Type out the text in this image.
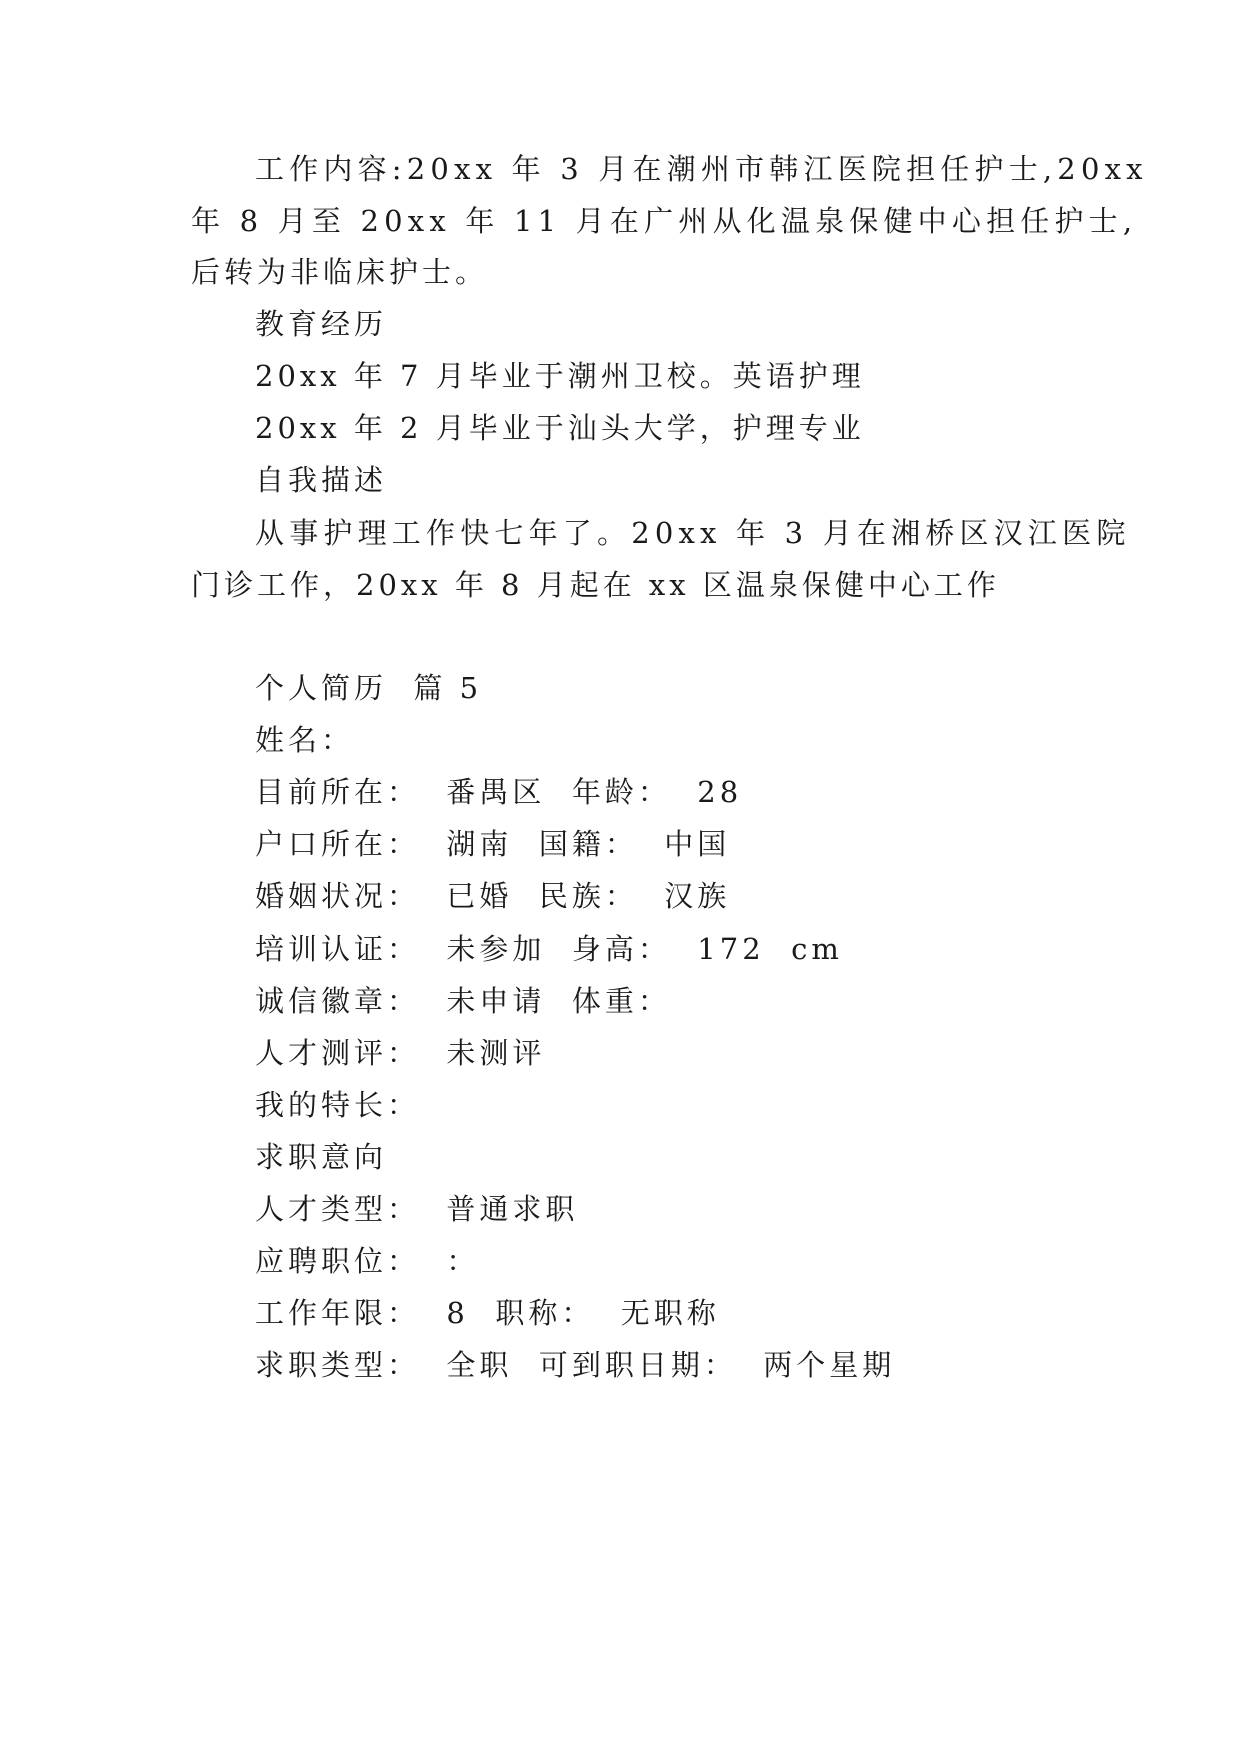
工作内容:20xx 年 3 月在潮州市韩江医院担任护士,20xx
年 8 月至 20xx 年 11 月在广州从化温泉保健中心担任护士,
后转为非临床护士。
教育经历
20xx 年 7 月毕业于潮州卫校。英语护理
20xx 年 2 月毕业于汕头大学，护理专业
自我描述
从事护理工作快七年了。20xx 年 3 月在湘桥区汉江医院
门诊工作，20xx 年 8 月起在 xx 区温泉保健中心工作
个人简历  篇 5
姓名：
目前所在：  番禺区  年龄：  28
户口所在：  湖南  国籍：  中国
婚姻状况：  已婚  民族：  汉族
培训认证：  未参加  身高：  172  cm
诚信徽章：  未申请  体重：
人才测评：  未测评
我的特长：
求职意向
人才类型：  普通求职
应聘职位：  ：
工作年限：  8  职称：  无职称
求职类型：  全职  可到职日期：  两个星期
